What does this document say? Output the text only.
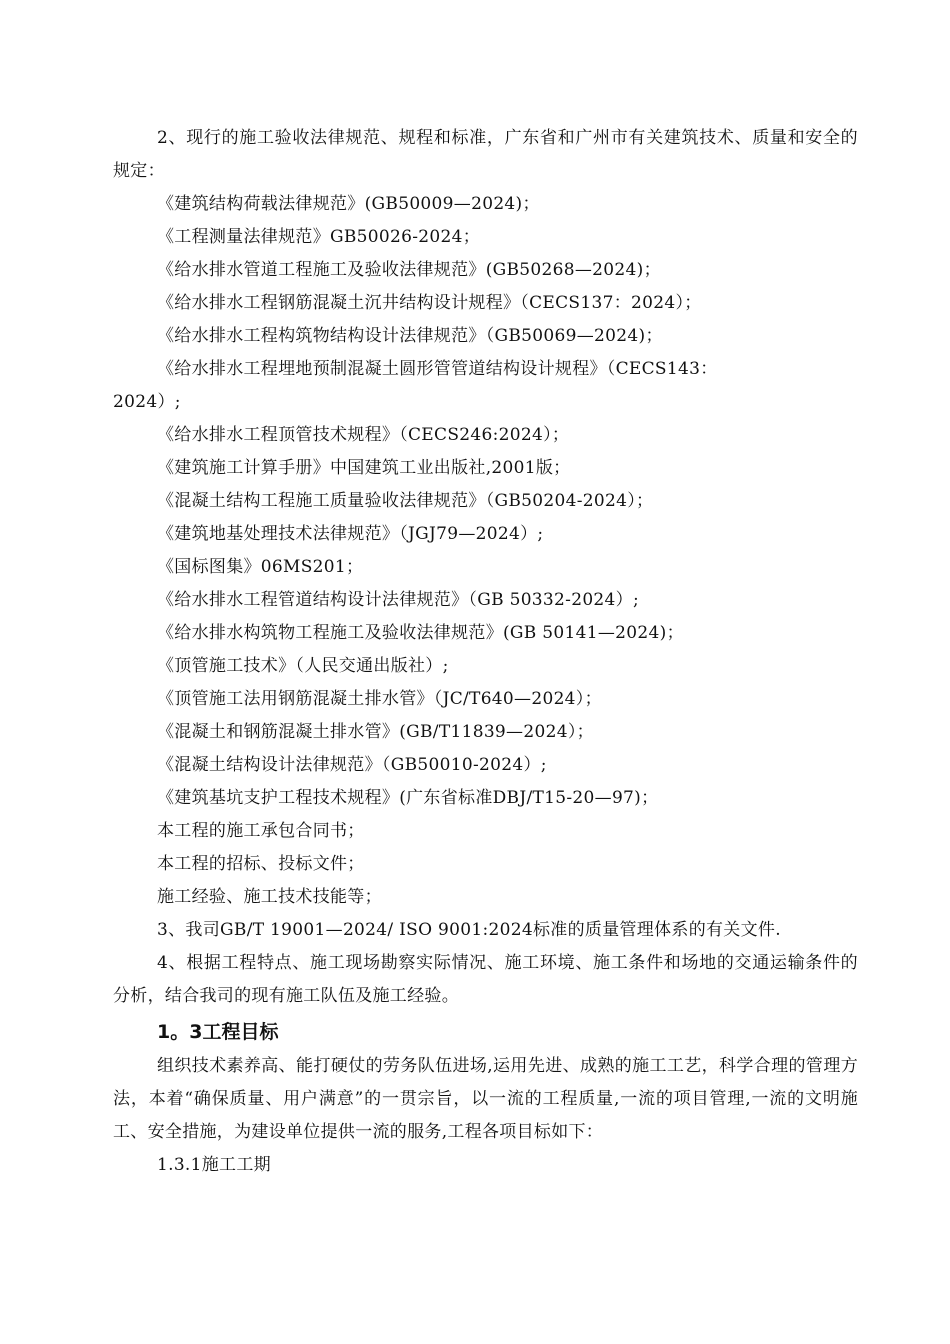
2、现行的施工验收法律规范、规程和标准，广东省和广州市有关建筑技术、质量和安全的规定：
《建筑结构荷载法律规范》(GB50009—2024)；
《工程测量法律规范》GB50026-2024；
《给水排水管道工程施工及验收法律规范》(GB50268—2024)；
《给水排水工程钢筋混凝土沉井结构设计规程》（CECS137：2024）；
《给水排水工程构筑物结构设计法律规范》（GB50069—2024)；
《给水排水工程埋地预制混凝土圆形管管道结构设计规程》（CECS143：
2024）;
《给水排水工程顶管技术规程》（CECS246:2024）；
《建筑施工计算手册》中国建筑工业出版社,2001版；
《混凝土结构工程施工质量验收法律规范》（GB50204-2024）；
《建筑地基处理技术法律规范》（JGJ79—2024）;
《国标图集》06MS201；
《给水排水工程管道结构设计法律规范》（GB 50332-2024）;
《给水排水构筑物工程施工及验收法律规范》(GB 50141—2024)；
《顶管施工技术》（人民交通出版社）;
《顶管施工法用钢筋混凝土排水管》（JC/T640—2024）；
《混凝土和钢筋混凝土排水管》(GB/T11839—2024）；
《混凝土结构设计法律规范》（GB50010-2024）;
《建筑基坑支护工程技术规程》(广东省标准DBJ/T15-20—97)；
本工程的施工承包合同书；
本工程的招标、投标文件；
施工经验、施工技术技能等；
3、我司GB/T 19001—2024/ ISO 9001:2024标准的质量管理体系的有关文件.
4、根据工程特点、施工现场勘察实际情况、施工环境、施工条件和场地的交通运输条件的分析，结合我司的现有施工队伍及施工经验。
1。3工程目标
组织技术素养高、能打硬仗的劳务队伍进场,运用先进、成熟的施工工艺，科学合理的管理方法，本着“确保质量、用户满意”的一贯宗旨，以一流的工程质量,一流的项目管理,一流的文明施工、安全措施，为建设单位提供一流的服务,工程各项目标如下：
1.3.1施工工期
